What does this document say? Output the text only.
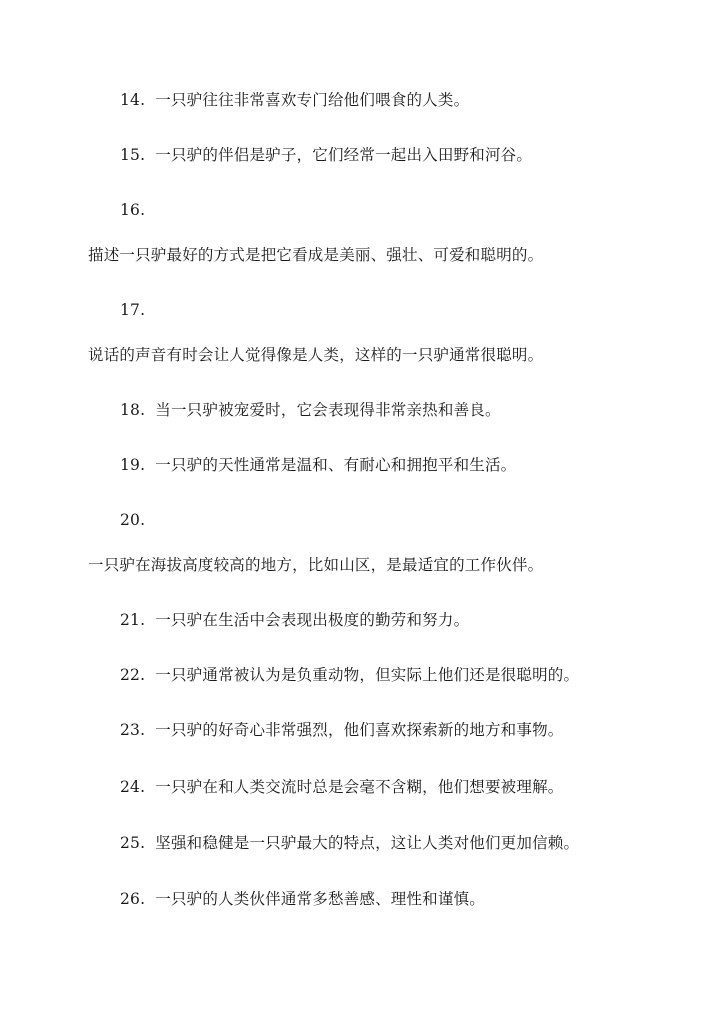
14. 一只驴往往非常喜欢专门给他们喂食的人类。
15. 一只驴的伴侣是驴子，它们经常一起出入田野和河谷。
16.
描述一只驴最好的方式是把它看成是美丽、强壮、可爱和聪明的。
17.
说话的声音有时会让人觉得像是人类，这样的一只驴通常很聪明。
18. 当一只驴被宠爱时，它会表现得非常亲热和善良。
19. 一只驴的天性通常是温和、有耐心和拥抱平和生活。
20.
一只驴在海拔高度较高的地方，比如山区，是最适宜的工作伙伴。
21. 一只驴在生活中会表现出极度的勤劳和努力。
22. 一只驴通常被认为是负重动物，但实际上他们还是很聪明的。
23. 一只驴的好奇心非常强烈，他们喜欢探索新的地方和事物。
24. 一只驴在和人类交流时总是会毫不含糊，他们想要被理解。
25. 坚强和稳健是一只驴最大的特点，这让人类对他们更加信赖。
26. 一只驴的人类伙伴通常多愁善感、理性和谨慎。
